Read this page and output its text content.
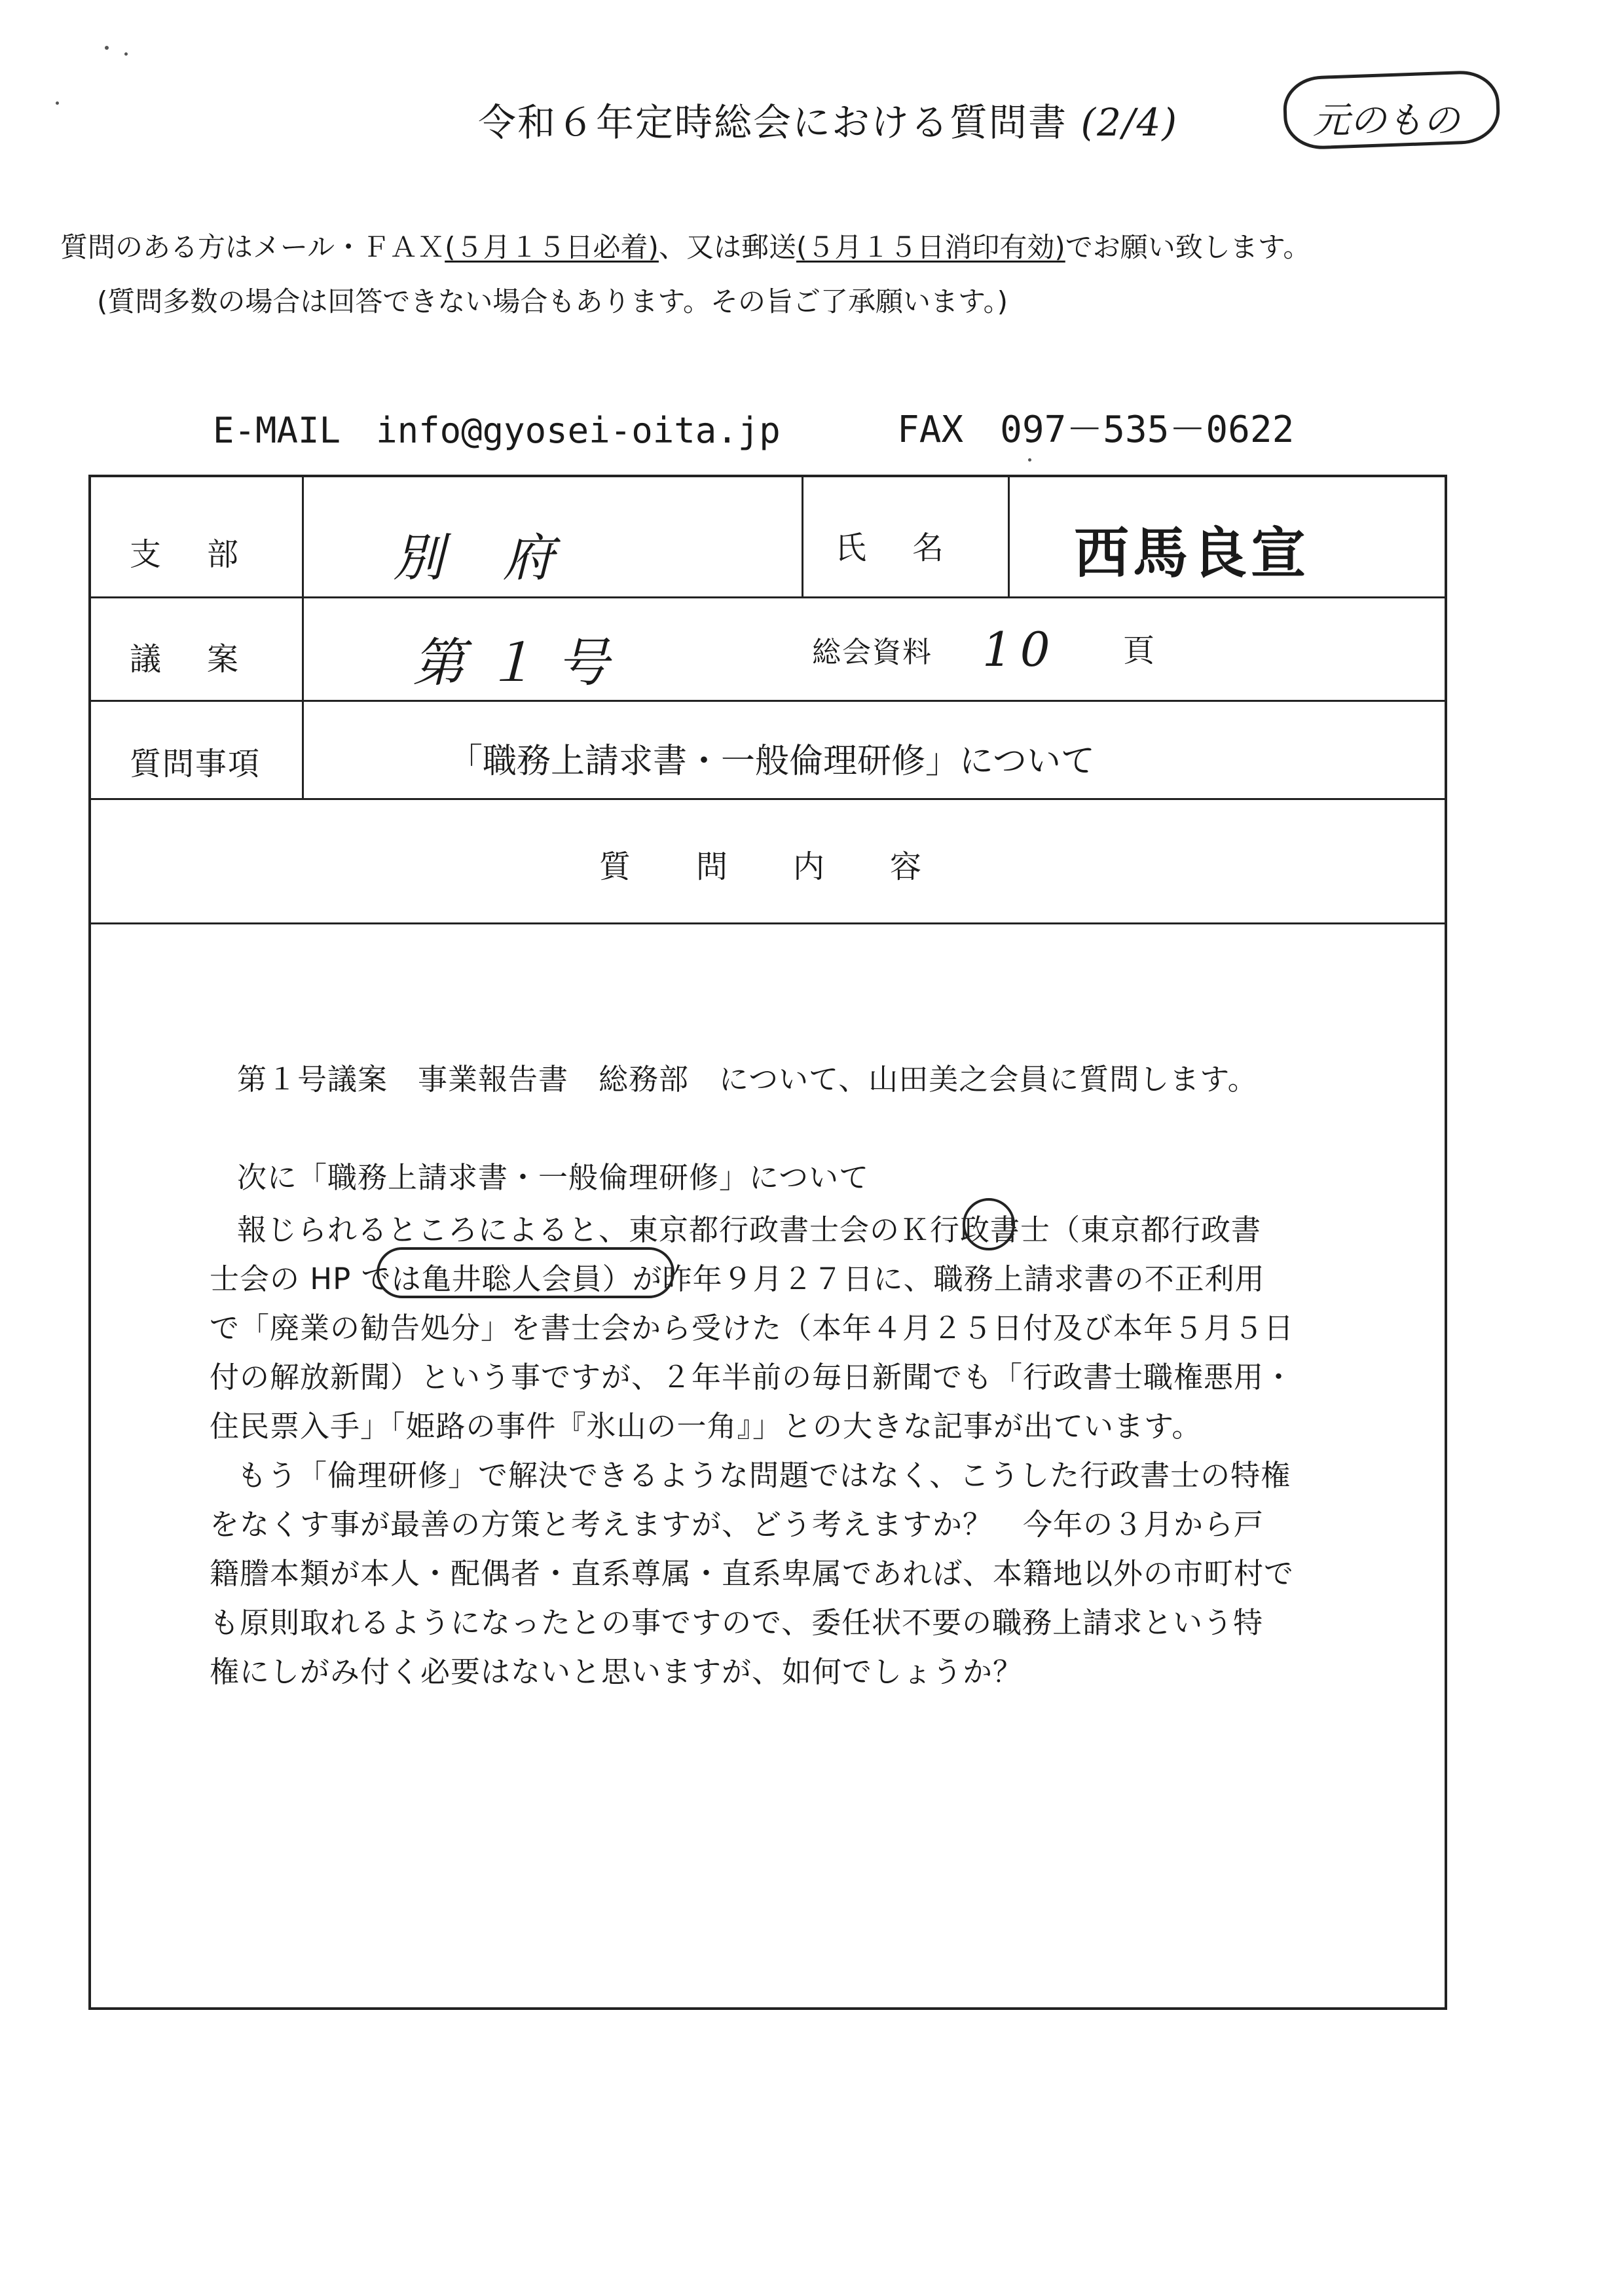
令和６年定時総会における質問書 (2/4)	元のもの
質問のある方はメール・ＦＡＸ(５月１５日必着)、又は郵送(５月１５日消印有効)でお願い致します。
(質問多数の場合は回答できない場合もあります。その旨ご了承願います。)
E-MAIL　info@gyosei-oita.jp	FAX　097－535－0622
支部 別府	氏名 西馬良宣
議案 第１号	総会資料 10 頁
質問事項	「職務上請求書・一般倫理研修」について
質問内容
第１号議案　事業報告書　総務部　について、山田美之会員に質問します。
次に「職務上請求書・一般倫理研修」について
報じられるところによると、東京都行政書士会のＫ行政書士（東京都行政書
士会の HP では亀井聡人会員）が昨年９月２７日に、職務上請求書の不正利用
で「廃業の勧告処分」を書士会から受けた（本年４月２５日付及び本年５月５日
付の解放新聞）という事ですが、２年半前の毎日新聞でも「行政書士職権悪用・
住民票入手」「姫路の事件『氷山の一角』」との大きな記事が出ています。
もう「倫理研修」で解決できるような問題ではなく、こうした行政書士の特権
をなくす事が最善の方策と考えますが、どう考えますか？　今年の３月から戸
籍謄本類が本人・配偶者・直系尊属・直系卑属であれば、本籍地以外の市町村で
も原則取れるようになったとの事ですので、委任状不要の職務上請求という特
権にしがみ付く必要はないと思いますが、如何でしょうか？
